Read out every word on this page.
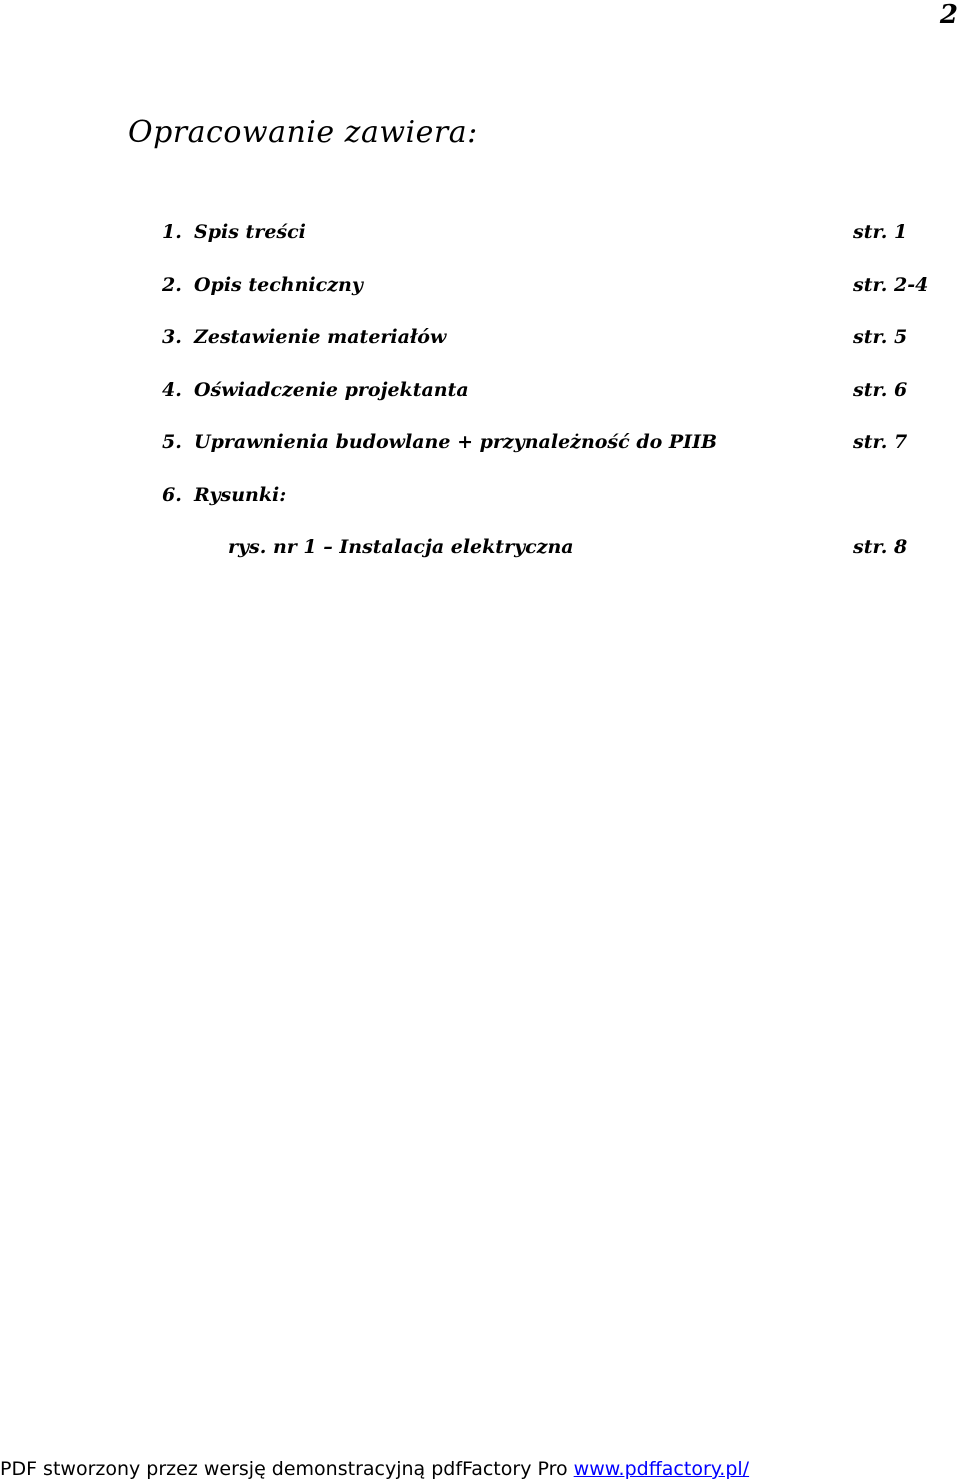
2
Opracowanie zawiera:
1. Spis treści	str. 1
2. Opis techniczny	str. 2-4
3. Zestawienie materiałów	str. 5
4. Oświadczenie projektanta	str. 6
5. Uprawnienia budowlane + przynależność do PIIB	str. 7
6. Rysunki:
rys. nr 1 – Instalacja elektryczna	str. 8
PDF stworzony przez wersję demonstracyjną pdfFactory Pro www.pdffactory.pl/
